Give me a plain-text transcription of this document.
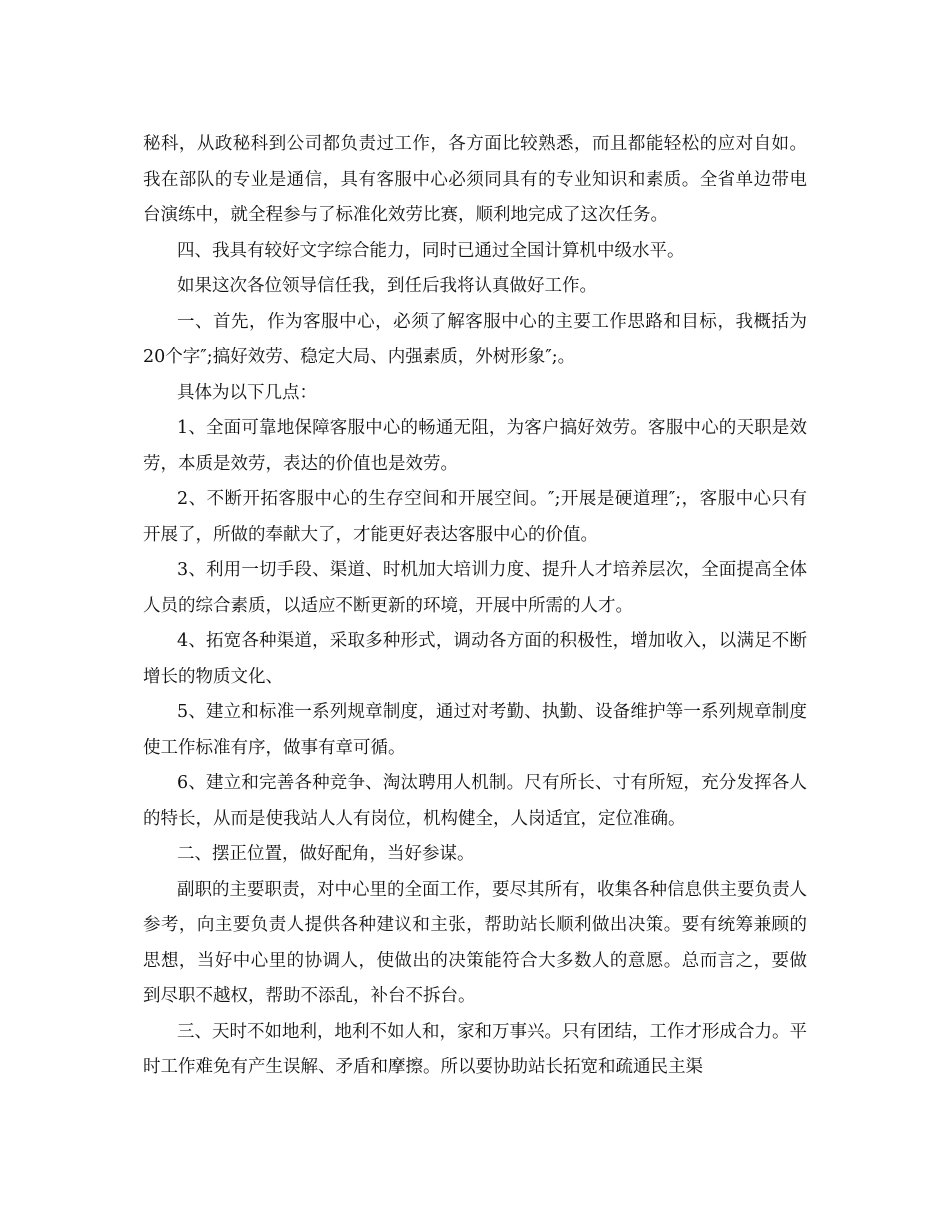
秘科，从政秘科到公司都负责过工作，各方面比较熟悉，而且都能轻松的应对自如。我在部队的专业是通信，具有客服中心必须同具有的专业知识和素质。全省单边带电台演练中，就全程参与了标准化效劳比赛，顺利地完成了这次任务。

四、我具有较好文字综合能力，同时已通过全国计算机中级水平。

如果这次各位领导信任我，到任后我将认真做好工作。

一、首先，作为客服中心，必须了解客服中心的主要工作思路和目标，我概括为20个字″;搞好效劳、稳定大局、内强素质，外树形象″;。

具体为以下几点：

1、全面可靠地保障客服中心的畅通无阻，为客户搞好效劳。客服中心的天职是效劳，本质是效劳，表达的价值也是效劳。

2、不断开拓客服中心的生存空间和开展空间。″;开展是硬道理″;，客服中心只有开展了，所做的奉献大了，才能更好表达客服中心的价值。

3、利用一切手段、渠道、时机加大培训力度、提升人才培养层次，全面提高全体人员的综合素质，以适应不断更新的环境，开展中所需的人才。

4、拓宽各种渠道，采取多种形式，调动各方面的积极性，增加收入，以满足不断增长的物质文化、

5、建立和标准一系列规章制度，通过对考勤、执勤、设备维护等一系列规章制度使工作标准有序，做事有章可循。

6、建立和完善各种竞争、淘汰聘用人机制。尺有所长、寸有所短，充分发挥各人的特长，从而是使我站人人有岗位，机构健全，人岗适宜，定位准确。

二、摆正位置，做好配角，当好参谋。

副职的主要职责，对中心里的全面工作，要尽其所有，收集各种信息供主要负责人参考，向主要负责人提供各种建议和主张，帮助站长顺利做出决策。要有统筹兼顾的思想，当好中心里的协调人，使做出的决策能符合大多数人的意愿。总而言之，要做到尽职不越权，帮助不添乱，补台不拆台。

三、天时不如地利，地利不如人和，家和万事兴。只有团结，工作才形成合力。平时工作难免有产生误解、矛盾和摩擦。所以要协助站长拓宽和疏通民主渠
